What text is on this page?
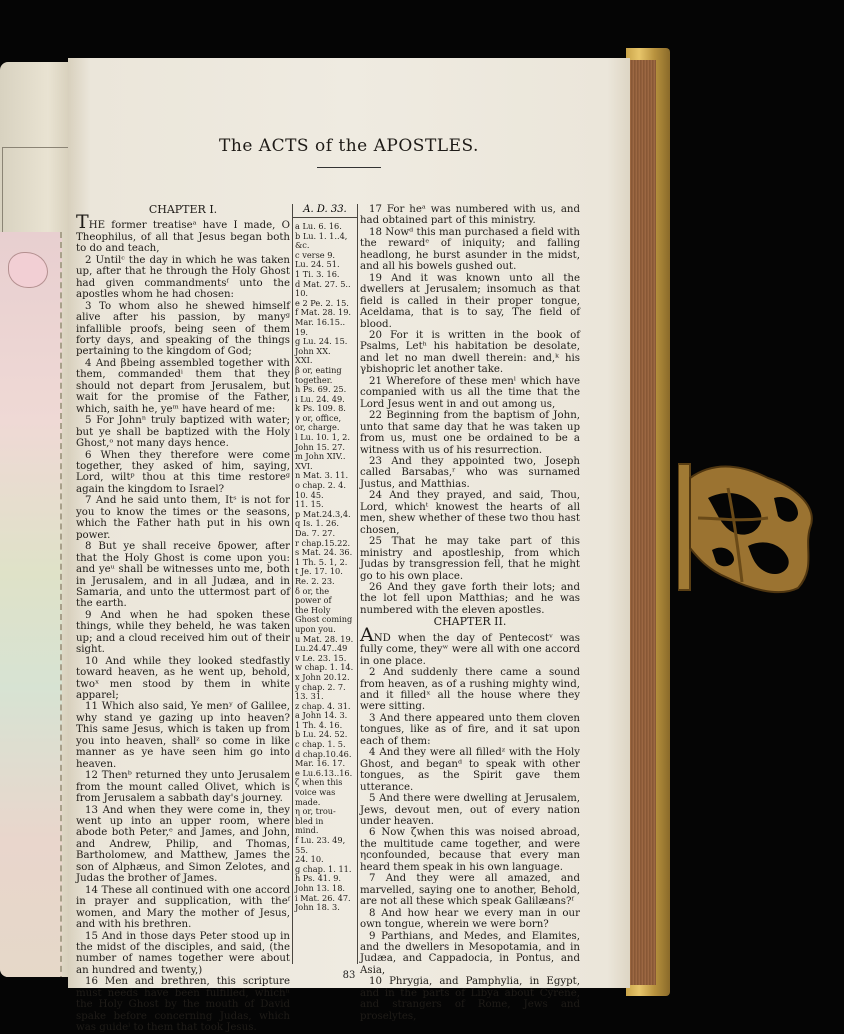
The ACTS of the APOSTLES.

CHAPTER I.

THE former treatiseᵃ have I made, O Theophilus, of all that Jesus began both to do and teach,

2 Untilᶜ the day in which he was taken up, after that he through the Holy Ghost had given commandmentsᶠ unto the apostles whom he had chosen:

3 To whom also he shewed himself alive after his passion, by manyᵍ infallible proofs, being seen of them forty days, and speaking of the things pertaining to the kingdom of God;

4 And βbeing assembled together with them, commandedⁱ them that they should not depart from Jerusalem, but wait for the promise of the Father, which, saith he, yeᵐ have heard of me:

5 For Johnⁿ truly baptized with water; but ye shall be baptized with the Holy Ghost,ᵒ not many days hence.

6 When they therefore were come together, they asked of him, saying, Lord, wiltᵖ thou at this time restoreᵍ again the kingdom to Israel?

7 And he said unto them, Itˢ is not for you to know the times or the seasons, which the Father hath put in his own power.

8 But ye shall receive δpower, after that the Holy Ghost is come upon you: and yeᵘ shall be witnesses unto me, both in Jerusalem, and in all Judæa, and in Samaria, and unto the uttermost part of the earth.

9 And when he had spoken these things, while they beheld, he was taken up; and a cloud received him out of their sight.

10 And while they looked stedfastly toward heaven, as he went up, behold, twoˣ men stood by them in white apparel;

11 Which also said, Ye menʸ of Galilee, why stand ye gazing up into heaven? This same Jesus, which is taken up from you into heaven, shallᶻ so come in like manner as ye have seen him go into heaven.

12 Thenᵇ returned they unto Jerusalem from the mount called Olivet, which is from Jerusalem a sabbath day's journey.

13 And when they were come in, they went up into an upper room, where abode both Peter,ᵉ and James, and John, and Andrew, Philip, and Thomas, Bartholomew, and Matthew, James the son of Alphæus, and Simon Zelotes, and Judas the brother of James.

14 These all continued with one accord in prayer and supplication, with theᶠ women, and Mary the mother of Jesus, and with his brethren.

15 And in those days Peter stood up in the midst of the disciples, and said, (the number of names together were about an hundred and twenty,)

16 Men and brethren, this scripture must needs have been fulfilled, whichʰ the Holy Ghost by the mouth of David spake before concerning Judas, which was guideⁱ to them that took Jesus.

A. D. 33.
a Lu. 6. 16.
b Lu. 1. 1..4,
&c.
c verse 9.
Lu. 24. 51.
1 Ti. 3. 16.
d Mat. 27. 5..
10.
e 2 Pe. 2. 15.
f Mat. 28. 19.
Mar. 16.15..
19.
g Lu. 24. 15.
John XX.
XXI.
β or, eating
together.
h Ps. 69. 25.
i Lu. 24. 49.
k Ps. 109. 8.
γ or, office,
or, charge.
l Lu. 10. 1, 2.
John 15. 27.
m John XIV..
XVI.
n Mat. 3. 11.
o chap. 2. 4.
10. 45.
11. 15.
p Mat.24.3,4.
q Is. 1. 26.
Da. 7. 27.
r chap.15.22.
s Mat. 24. 36.
1 Th. 5. 1, 2.
t Je. 17. 10.
Re. 2. 23.
δ or, the
power of
the Holy
Ghost coming
upon you.
u Mat. 28. 19.
Lu.24.47..49
v Le. 23. 15.
w chap. 1. 14.
x John 20.12.
y chap. 2. 7.
13. 31.
z chap. 4. 31.
a John 14. 3.
1 Th. 4. 16.
b Lu. 24. 52.
c chap. 1. 5.
d chap.10.46.
Mar. 16. 17.
e Lu.6.13..16.
ζ when this
voice was
made.
η or, trou-
bled in
mind.
f Lu. 23. 49,
55.
24. 10.
g chap. 1. 11.
h Ps. 41. 9.
John 13. 18.
i Mat. 26. 47.
John 18. 3.

17 For heᵃ was numbered with us, and had obtained part of this ministry.

18 Nowᵈ this man purchased a field with the rewardᵉ of iniquity; and falling headlong, he burst asunder in the midst, and all his bowels gushed out.

19 And it was known unto all the dwellers at Jerusalem; insomuch as that field is called in their proper tongue, Aceldama, that is to say, The field of blood.

20 For it is written in the book of Psalms, Letʰ his habitation be desolate, and let no man dwell therein: and,ᵏ his γbishopric let another take.

21 Wherefore of these menˡ which have companied with us all the time that the Lord Jesus went in and out among us,

22 Beginning from the baptism of John, unto that same day that he was taken up from us, must one be ordained to be a witness with us of his resurrection.

23 And they appointed two, Joseph called Barsabas,ʳ who was surnamed Justus, and Matthias.

24 And they prayed, and said, Thou, Lord, whichᵗ knowest the hearts of all men, shew whether of these two thou hast chosen,

25 That he may take part of this ministry and apostleship, from which Judas by transgression fell, that he might go to his own place.

26 And they gave forth their lots; and the lot fell upon Matthias; and he was numbered with the eleven apostles.

CHAPTER II.

AND when the day of Pentecostᵛ was fully come, theyʷ were all with one accord in one place.

2 And suddenly there came a sound from heaven, as of a rushing mighty wind, and it filledˣ all the house where they were sitting.

3 And there appeared unto them cloven tongues, like as of fire, and it sat upon each of them:

4 And they were all filledᶻ with the Holy Ghost, and beganᵈ to speak with other tongues, as the Spirit gave them utterance.

5 And there were dwelling at Jerusalem, Jews, devout men, out of every nation under heaven.

6 Now ζwhen this was noised abroad, the multitude came together, and were ηconfounded, because that every man heard them speak in his own language.

7 And they were all amazed, and marvelled, saying one to another, Behold, are not all these which speak Galilæans?ᶠ

8 And how hear we every man in our own tongue, wherein we were born?

9 Parthians, and Medes, and Elamites, and the dwellers in Mesopotamia, and in Judæa, and Cappadocia, in Pontus, and Asia,

10 Phrygia, and Pamphylia, in Egypt, and in the parts of Libya about Cyrene, and strangers of Rome, Jews and proselytes,

83
